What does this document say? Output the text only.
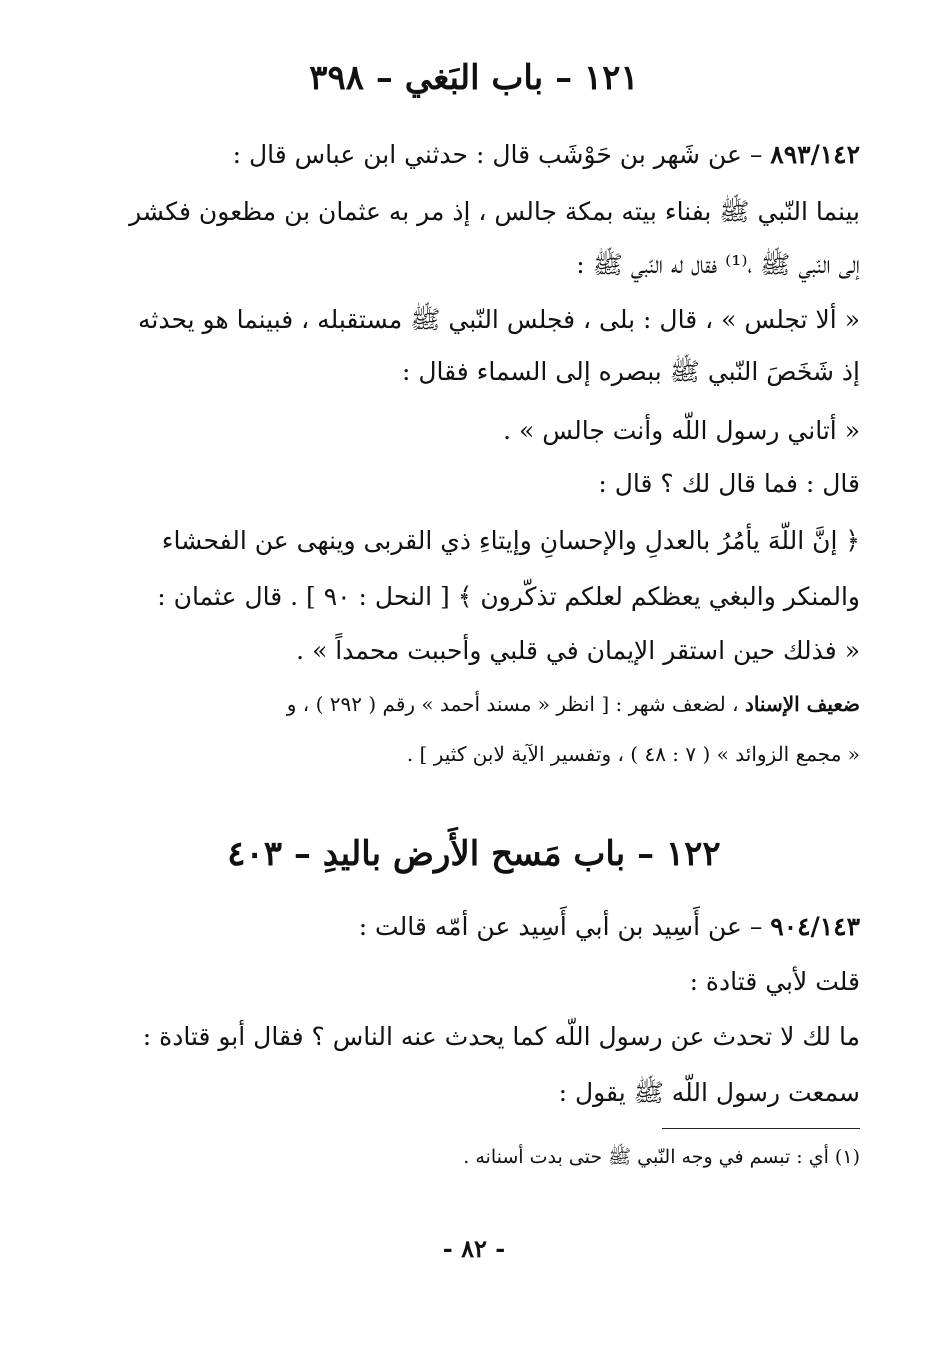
١٢١ – باب البَغي – ٣٩٨
٨٩٣/١٤٢ – عن شَهر بن حَوْشَب قال : حدثني ابن عباس قال :
بينما النّبي ﷺ بفناء بيته بمكة جالس ، إذ مر به عثمان بن مظعون فكشر
إلى النّبي ﷺ ،⁽¹⁾ فقال له النّبي ﷺ :
« ألا تجلس » ، قال : بلى ، فجلس النّبي ﷺ مستقبله ، فبينما هو يحدثه
إذ شَخَصَ النّبي ﷺ ببصره إلى السماء فقال :
« أتاني رسول اللّه وأنت جالس » .
قال : فما قال لك ؟ قال :
﴿ إنَّ اللّهَ يأمُرُ بالعدلِ والإحسانِ وإيتاءِ ذي القربى وينهى عن الفحشاء
والمنكر والبغي يعظكم لعلكم تذكّرون ﴾ [ النحل : ٩٠ ] . قال عثمان :
« فذلك حين استقر الإيمان في قلبي وأحببت محمداً » .
ضعيف الإسناد ، لضعف شهر : [ انظر « مسند أحمد » رقم ( ٢٩٢ ) ، و
« مجمع الزوائد » ( ٧ : ٤٨ ) ، وتفسير الآية لابن كثير ] .
١٢٢ – باب مَسح الأَرض باليدِ – ٤٠٣
٩٠٤/١٤٣ – عن أَسِيد بن أبي أَسِيد عن أمّه قالت :
قلت لأبي قتادة :
ما لك لا تحدث عن رسول اللّه كما يحدث عنه الناس ؟ فقال أبو قتادة :
سمعت رسول اللّه ﷺ يقول :
(١) أي : تبسم في وجه النّبي ﷺ حتى بدت أسنانه .
- ٨٢ -
